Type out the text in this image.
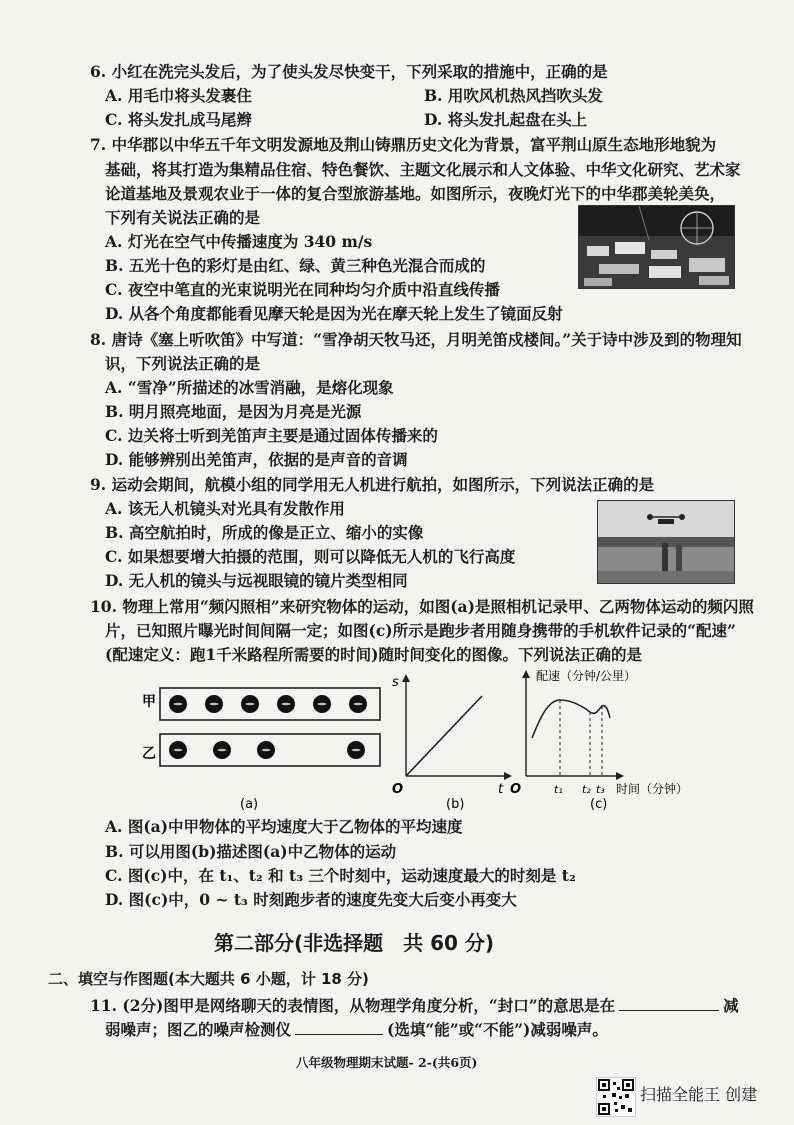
6. 小红在洗完头发后，为了使头发尽快变干，下列采取的措施中，正确的是
A. 用毛巾将头发裹住	B. 用吹风机热风挡吹头发
C. 将头发扎成马尾辫	D. 将头发扎起盘在头上
7. 中华郡以中华五千年文明发源地及荆山铸鼎历史文化为背景，富平荆山原生态地形地貌为
基础，将其打造为集精品住宿、特色餐饮、主题文化展示和人文体验、中华文化研究、艺术家
论道基地及景观农业于一体的复合型旅游基地。如图所示，夜晚灯光下的中华郡美轮美奂，
下列有关说法正确的是
A. 灯光在空气中传播速度为 340 m/s
B. 五光十色的彩灯是由红、绿、黄三种色光混合而成的
C. 夜空中笔直的光束说明光在同种均匀介质中沿直线传播
D. 从各个角度都能看见摩天轮是因为光在摩天轮上发生了镜面反射
8. 唐诗《塞上听吹笛》中写道：“雪净胡天牧马还，月明羌笛戍楼间。”关于诗中涉及到的物理知
识，下列说法正确的是
A. “雪净”所描述的冰雪消融，是熔化现象
B. 明月照亮地面，是因为月亮是光源
C. 边关将士听到羌笛声主要是通过固体传播来的
D. 能够辨别出羌笛声，依据的是声音的音调
9. 运动会期间，航模小组的同学用无人机进行航拍，如图所示，下列说法正确的是
A. 该无人机镜头对光具有发散作用
B. 高空航拍时，所成的像是正立、缩小的实像
C. 如果想要增大拍摄的范围，则可以降低无人机的飞行高度
D. 无人机的镜头与远视眼镜的镜片类型相同
10. 物理上常用“频闪照相”来研究物体的运动，如图(a)是照相机记录甲、乙两物体运动的频闪照
片，已知照片曝光时间间隔一定；如图(c)所示是跑步者用随身携带的手机软件记录的“配速”
(配速定义：跑1千米路程所需要的时间)随时间变化的图像。下列说法正确的是
甲
乙
(a)
s
t
O
(b)
配速（分钟/公里）
O	t₁ t₂ t₃ 时间（分钟）
(c)
A. 图(a)中甲物体的平均速度大于乙物体的平均速度
B. 可以用图(b)描述图(a)中乙物体的运动
C. 图(c)中，在 t₁、t₂ 和 t₃ 三个时刻中，运动速度最大的时刻是 t₂
D. 图(c)中，0 ~ t₃ 时刻跑步者的速度先变大后变小再变大
第二部分(非选择题　共 60 分)
二、填空与作图题(本大题共 6 小题，计 18 分)
11. (2分)图甲是网络聊天的表情图，从物理学角度分析，“封口”的意思是在	减
弱噪声；图乙的噪声检测仪	(选填“能”或“不能”)减弱噪声。
八年级物理期末试题- 2-(共6页)
扫描全能王 创建
